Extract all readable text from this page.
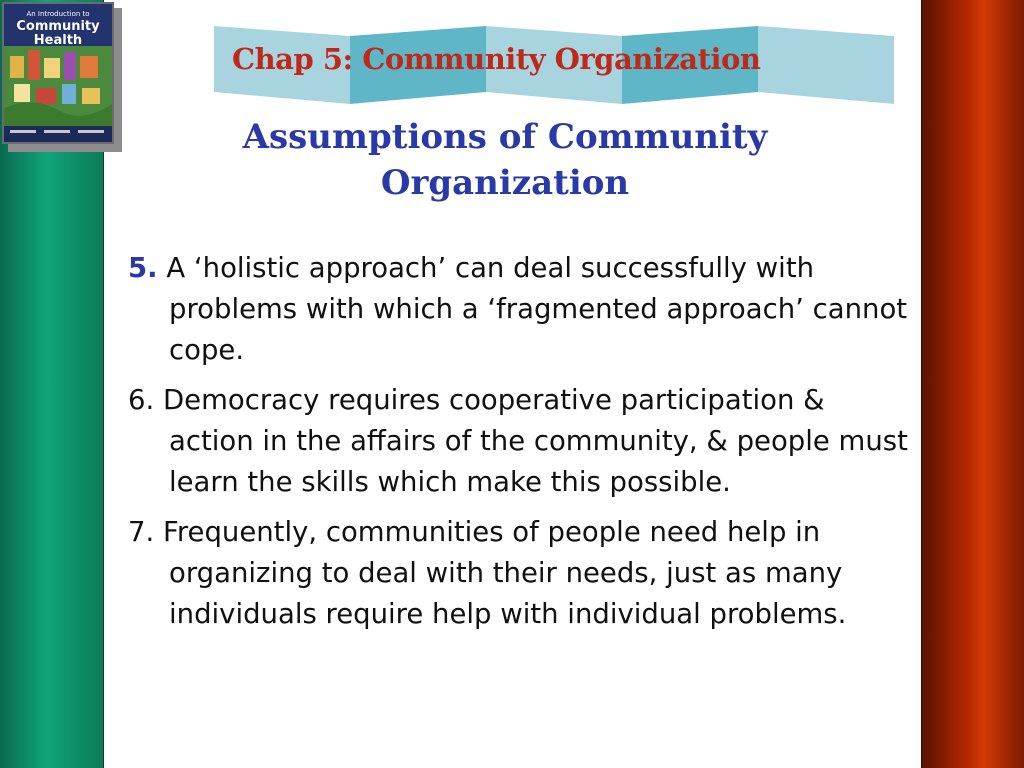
An Introduction to
Community
Health
Chap 5: Community Organization
Assumptions of Community Organization
5. A ‘holistic approach’ can deal successfully with problems with which a ‘fragmented approach’ cannot cope.
6. Democracy requires cooperative participation & action in the affairs of the community, & people must learn the skills which make this possible.
7. Frequently, communities of people need help in organizing to deal with their needs, just as many individuals require help with individual problems.
